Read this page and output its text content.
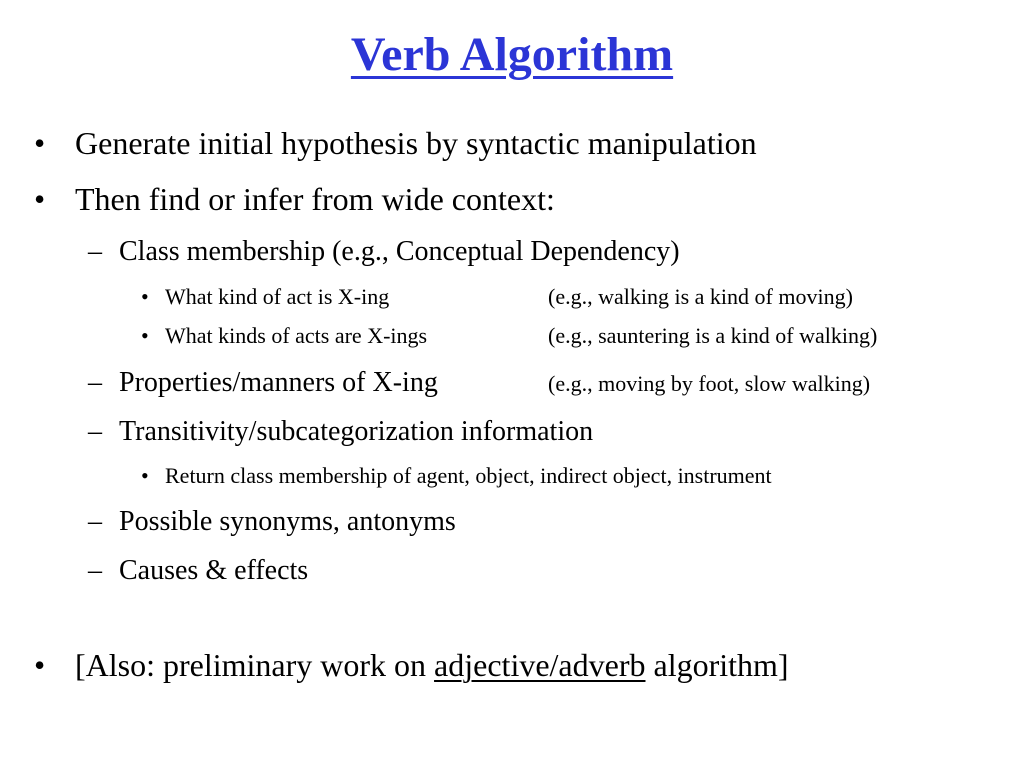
Verb Algorithm
• Generate initial hypothesis by syntactic manipulation
• Then find or infer from wide context:
– Class membership (e.g., Conceptual Dependency)
• What kind of act is X-ing	(e.g., walking is a kind of moving)
• What kinds of acts are X-ings	(e.g., sauntering is a kind of walking)
– Properties/manners of X-ing	(e.g., moving by foot, slow walking)
– Transitivity/subcategorization information
• Return class membership of agent, object, indirect object, instrument
– Possible synonyms, antonyms
– Causes & effects
• [Also: preliminary work on adjective/adverb algorithm]
